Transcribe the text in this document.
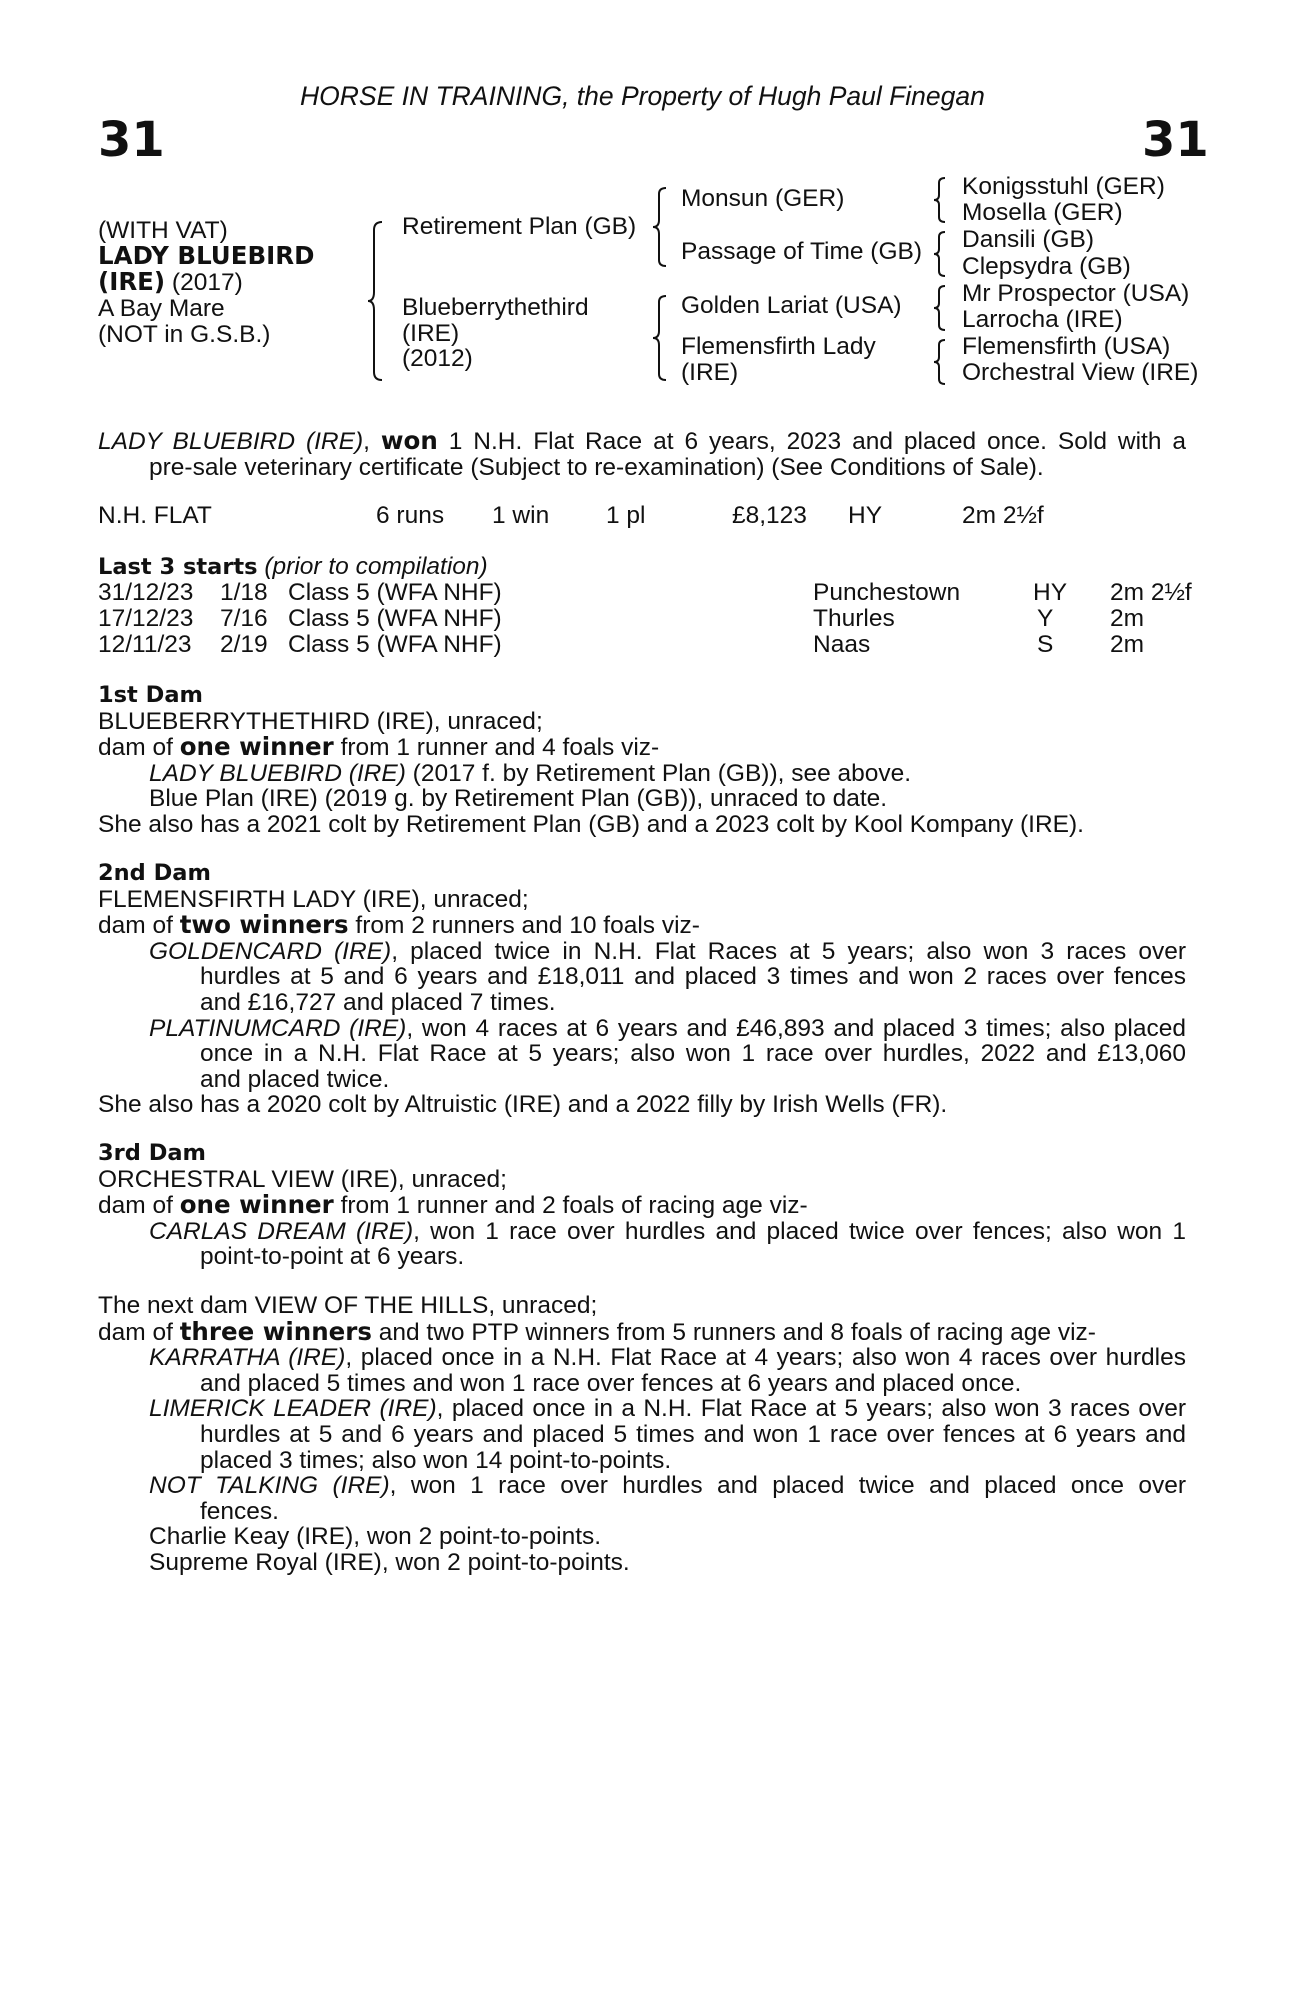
HORSE IN TRAINING, the Property of Hugh Paul Finegan
31	31
(WITH VAT)
LADY BLUEBIRD
(IRE) (2017)
A Bay Mare
(NOT in G.S.B.)
Retirement Plan (GB)
Blueberrythethird
(IRE)
(2012)
Monsun (GER)
Passage of Time (GB)
Golden Lariat (USA)
Flemensfirth Lady
(IRE)
Konigsstuhl (GER)
Mosella (GER)
Dansili (GB)
Clepsydra (GB)
Mr Prospector (USA)
Larrocha (IRE)
Flemensfirth (USA)
Orchestral View (IRE)
LADY BLUEBIRD (IRE), won 1 N.H. Flat Race at 6 years, 2023 and placed once. Sold with a
pre-sale veterinary certificate (Subject to re-examination) (See Conditions of Sale).
N.H. FLAT	6 runs 1 win 1 pl	£8,123 HY	2m 2½f
Last 3 starts (prior to compilation)
31/12/23 1/18 Class 5 (WFA NHF)	Punchestown	HY 2m 2½f
17/12/23 7/16 Class 5 (WFA NHF)	Thurles	Y 2m
12/11/23 2/19 Class 5 (WFA NHF)	Naas	S 2m
1st Dam
BLUEBERRYTHETHIRD (IRE), unraced;
dam of one winner from 1 runner and 4 foals viz-
LADY BLUEBIRD (IRE) (2017 f. by Retirement Plan (GB)), see above.
Blue Plan (IRE) (2019 g. by Retirement Plan (GB)), unraced to date.
She also has a 2021 colt by Retirement Plan (GB) and a 2023 colt by Kool Kompany (IRE).
2nd Dam
FLEMENSFIRTH LADY (IRE), unraced;
dam of two winners from 2 runners and 10 foals viz-
GOLDENCARD (IRE), placed twice in N.H. Flat Races at 5 years; also won 3 races over
hurdles at 5 and 6 years and £18,011 and placed 3 times and won 2 races over fences
and £16,727 and placed 7 times.
PLATINUMCARD (IRE), won 4 races at 6 years and £46,893 and placed 3 times; also placed
once in a N.H. Flat Race at 5 years; also won 1 race over hurdles, 2022 and £13,060
and placed twice.
She also has a 2020 colt by Altruistic (IRE) and a 2022 filly by Irish Wells (FR).
3rd Dam
ORCHESTRAL VIEW (IRE), unraced;
dam of one winner from 1 runner and 2 foals of racing age viz-
CARLAS DREAM (IRE), won 1 race over hurdles and placed twice over fences; also won 1
point-to-point at 6 years.
The next dam VIEW OF THE HILLS, unraced;
dam of three winners and two PTP winners from 5 runners and 8 foals of racing age viz-
KARRATHA (IRE), placed once in a N.H. Flat Race at 4 years; also won 4 races over hurdles
and placed 5 times and won 1 race over fences at 6 years and placed once.
LIMERICK LEADER (IRE), placed once in a N.H. Flat Race at 5 years; also won 3 races over
hurdles at 5 and 6 years and placed 5 times and won 1 race over fences at 6 years and
placed 3 times; also won 14 point-to-points.
NOT TALKING (IRE), won 1 race over hurdles and placed twice and placed once over
fences.
Charlie Keay (IRE), won 2 point-to-points.
Supreme Royal (IRE), won 2 point-to-points.
